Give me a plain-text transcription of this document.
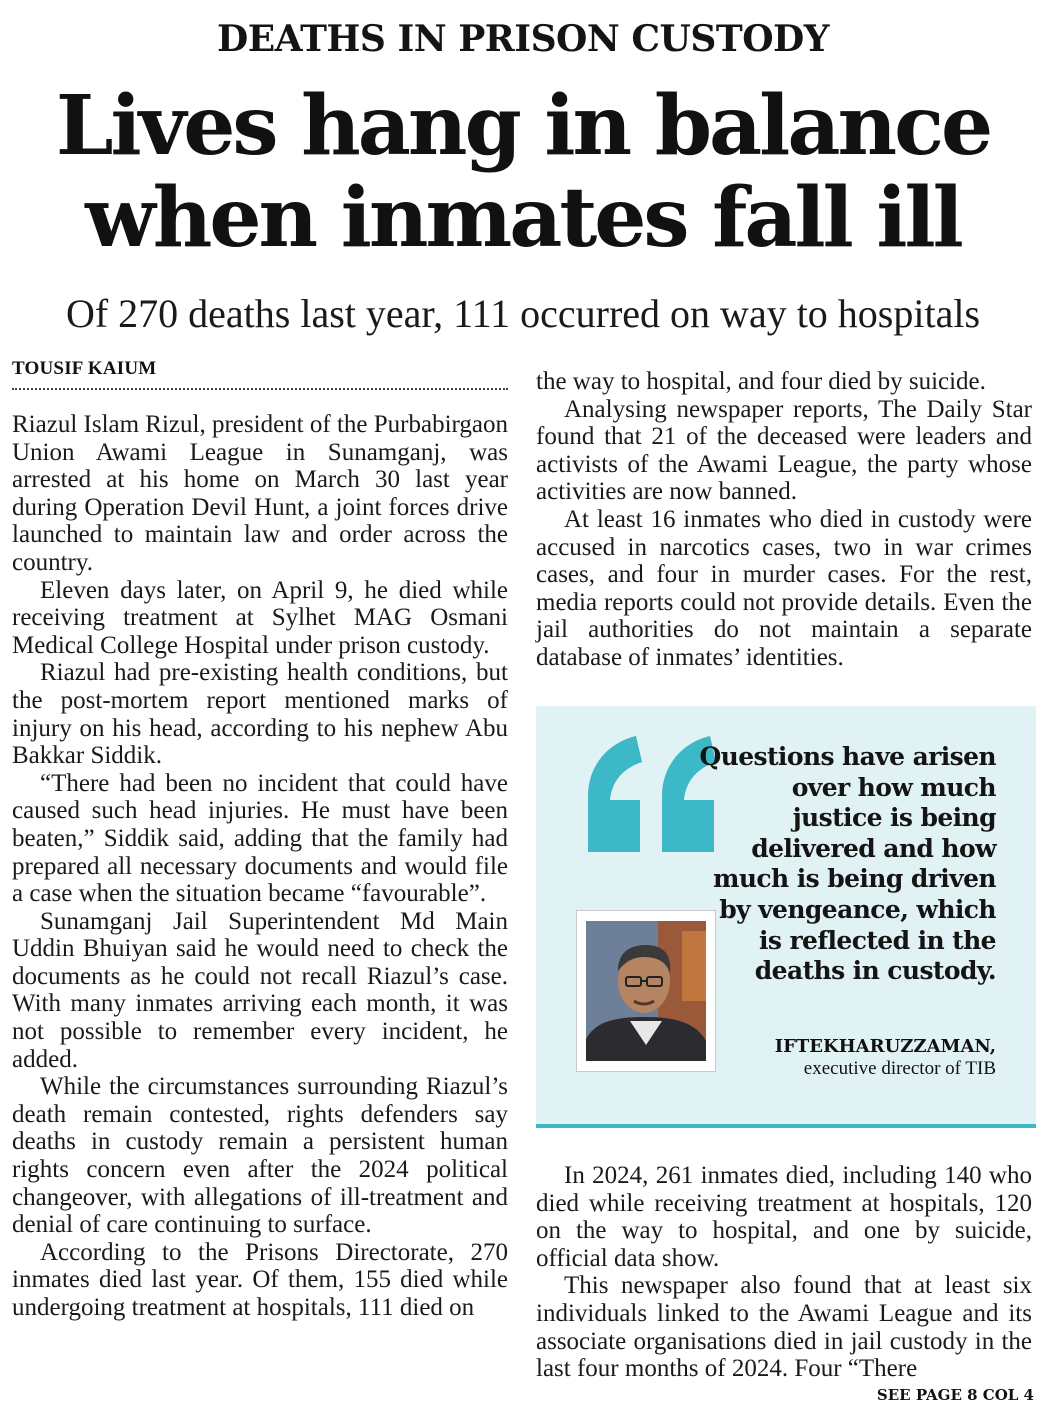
DEATHS IN PRISON CUSTODY
Lives hang in balance
when inmates fall ill
Of 270 deaths last year, 111 occurred on way to hospitals
TOUSIF KAIUM

Riazul Islam Rizul, president of the Purbabirgaon Union Awami League in Sunamganj, was arrested at his home on March 30 last year during Operation Devil Hunt, a joint forces drive launched to maintain law and order across the country.

Eleven days later, on April 9, he died while receiving treatment at Sylhet MAG Osmani Medical College Hospital under prison custody.

Riazul had pre-existing health conditions, but the post-mortem report mentioned marks of injury on his head, according to his nephew Abu Bakkar Siddik.

“There had been no incident that could have caused such head injuries. He must have been beaten,” Siddik said, adding that the family had prepared all necessary documents and would file a case when the situation became “favourable”.

Sunamganj Jail Superintendent Md Main Uddin Bhuiyan said he would need to check the documents as he could not recall Riazul’s case. With many inmates arriving each month, it was not possible to remember every incident, he added.

While the circumstances surrounding Riazul’s death remain contested, rights defenders say deaths in custody remain a persistent human rights concern even after the 2024 political changeover, with allegations of ill-treatment and denial of care continuing to surface.

According to the Prisons Directorate, 270 inmates died last year. Of them, 155 died while undergoing treatment at hospitals, 111 died on

the way to hospital, and four died by suicide.

Analysing newspaper reports, The Daily Star found that 21 of the deceased were leaders and activists of the Awami League, the party whose activities are now banned.

At least 16 inmates who died in custody were accused in narcotics cases, two in war crimes cases, and four in murder cases. For the rest, media reports could not provide details. Even the jail authorities do not maintain a separate database of inmates’ identities.

Questions have arisen over how much justice is being delivered and how much is being driven by vengeance, which is reflected in the deaths in custody.
IFTEKHARUZZAMAN,
executive director of TIB

In 2024, 261 inmates died, including 140 who died while receiving treatment at hospitals, 120 on the way to hospital, and one by suicide, official data show.

This newspaper also found that at least six individuals linked to the Awami League and its associate organisations died in jail custody in the last four months of 2024. Four “There

SEE PAGE 8 COL 4
